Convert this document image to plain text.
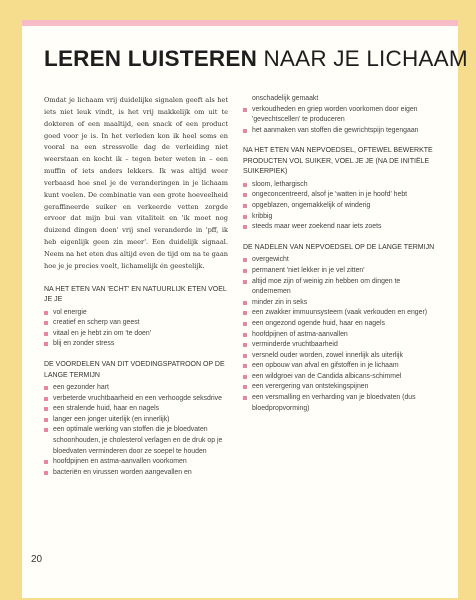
LEREN LUISTEREN NAAR JE LICHAAM

Omdat je lichaam vrij duidelijke signalen geeft als het iets niet leuk vindt, is het vrij makkelijk om uit te dokteren of een maaltijd, een snack of een product goed voor je is. In het verleden kon ik heel soms en vooral na een stressvolle dag de verleiding niet weerstaan en kocht ik – tegen beter weten in – een muffin of iets anders lekkers. Ik was altijd weer verbaasd hoe snel je de veranderingen in je lichaam kunt voelen. De combinatie van een grote hoeveelheid geraffineerde suiker en verkeerde vetten zorgde ervoor dat mijn bui van vitaliteit en 'ik moet nog duizend dingen doen' vrij snel veranderde in 'pff, ik heb eigenlijk geen zin meer'. Een duidelijk signaal. Neem na het eten dus altijd even de tijd om na te gaan hoe je je precies voelt, lichamelijk én geestelijk.

NA HET ETEN VAN 'ECHT' EN NATUURLIJK ETEN VOEL JE JE
vol energie
creatief en scherp van geest
vitaal en je hebt zin om 'te doen'
blij en zonder stress
DE VOORDELEN VAN DIT VOEDINGSPATROON OP DE LANGE TERMIJN
een gezonder hart
verbeterde vruchtbaarheid en een verhoogde seksdrive
een stralende huid, haar en nagels
langer een jonger uiterlijk (en innerlijk)
een optimale werking van stoffen die je bloedvaten schoonhouden, je cholesterol verlagen en de druk op je bloedvaten verminderen door ze soepel te houden
hoofdpijnen en astma-aanvallen voorkomen
bacteriën en virussen worden aangevallen en
onschadelijk gemaakt
verkoudheden en griep worden voorkomen door eigen 'gevechtscellen' te produceren
het aanmaken van stoffen die gewrichtspijn tegengaan
NA HET ETEN VAN NEPVOEDSEL, OFTEWEL BEWERKTE PRODUCTEN VOL SUIKER, VOEL JE JE (NA DE INITIËLE SUIKERPIEK)
sloom, lethargisch
ongeconcentreerd, alsof je 'watten in je hoofd' hebt
opgeblazen, ongemakkelijk of winderig
kribbig
steeds maar weer zoekend naar iets zoets
DE NADELEN VAN NEPVOEDSEL OP DE LANGE TERMIJN
overgewicht
permanent 'niet lekker in je vel zitten'
altijd moe zijn of weinig zin hebben om dingen te ondernemen
minder zin in seks
een zwakker immuunsysteem (vaak verkouden en enger)
een ongezond ogende huid, haar en nagels
hoofdpijnen of astma-aanvallen
verminderde vruchtbaarheid
versneld ouder worden, zowel innerlijk als uiterlijk
een opbouw van afval en gifstoffen in je lichaam
een wildgroei van de Candida albicans-schimmel
een verergering van ontstekingspijnen
een versmalling en verharding van je bloedvaten (dus bloedpropvorming)
20
